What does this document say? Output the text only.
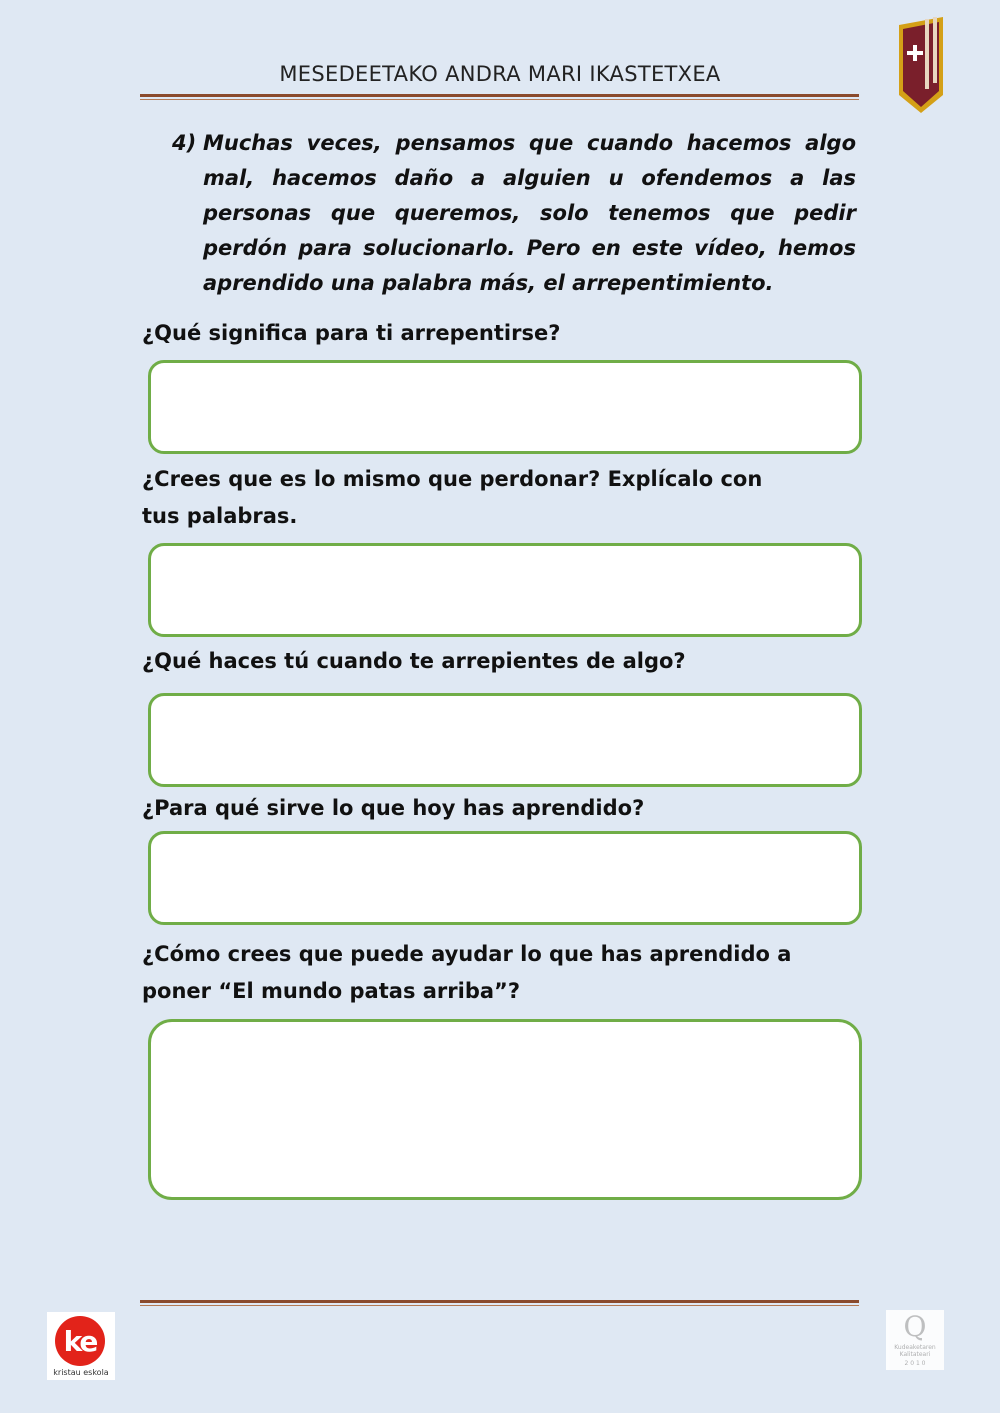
MESEDEETAKO ANDRA MARI IKASTETXEA
4) Muchas veces, pensamos que cuando hacemos algo mal, hacemos daño a alguien u ofendemos a las personas que queremos, solo tenemos que pedir perdón para solucionarlo. Pero en este vídeo, hemos aprendido una palabra más, el arrepentimiento.
¿Qué significa para ti arrepentirse?
¿Crees que es lo mismo que perdonar? Explícalo con tus palabras.
¿Qué haces tú cuando te arrepientes de algo?
¿Para qué sirve lo que hoy has aprendido?
¿Cómo crees que puede ayudar lo que has aprendido a poner “El mundo patas arriba”?
ke
kristau eskola
Q
Kudeaketaren
Kalitateari
2 0 1 0
